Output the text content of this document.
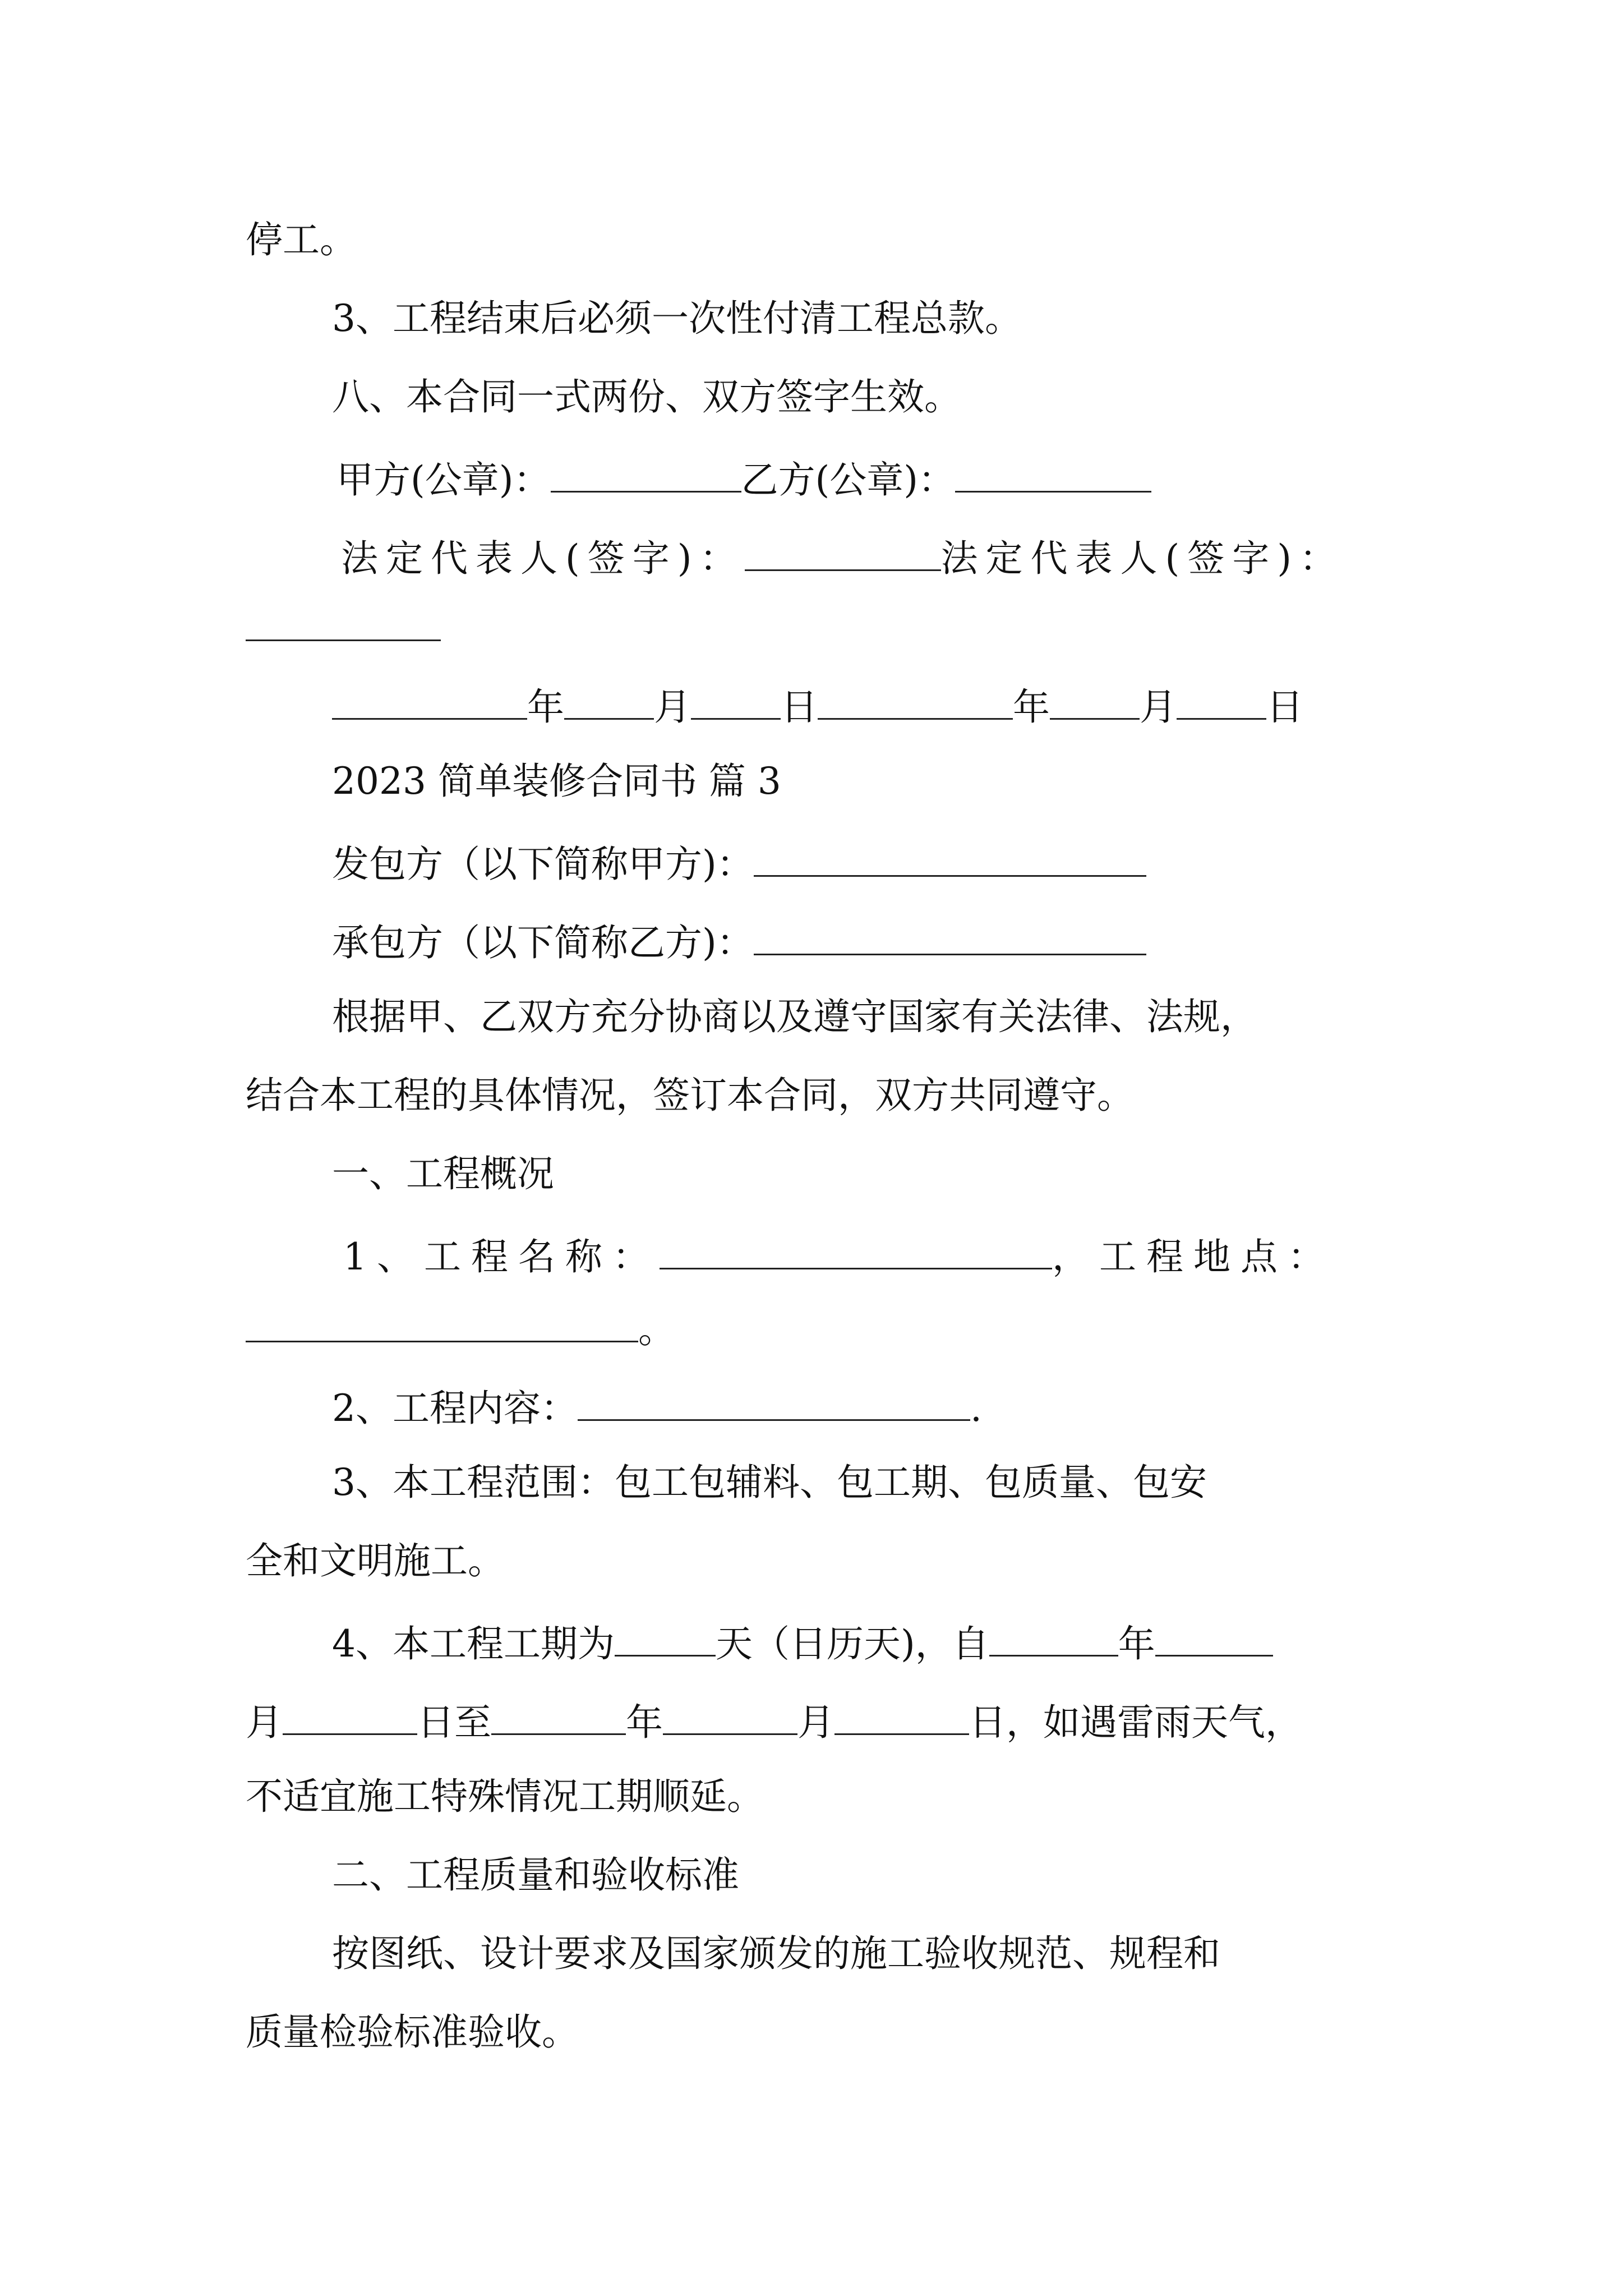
停工。
3、工程结束后必须一次性付清工程总款。
八、本合同一式两份、双方签字生效。
甲方(公章)：	乙方(公章)：
法定代表人(签字)：	法定代表人(签字)：
年 月 日	年 月 日
2023 简单装修合同书 篇 3
发包方（以下简称甲方)：
承包方（以下简称乙方)：
根据甲、乙双方充分协商以及遵守国家有关法律、法规，
结合本工程的具体情况，签订本合同，双方共同遵守。
一、工程概况
1、工程名称：	，工程地点：
。
2、工程内容：	.
3、本工程范围：包工包辅料、包工期、包质量、包安
全和文明施工。
4、本工程工期为	天（日历天)，自	年
月	日至	年	月	日，如遇雷雨天气，
不适宜施工特殊情况工期顺延。
二、工程质量和验收标准
按图纸、设计要求及国家颁发的施工验收规范、规程和
质量检验标准验收。
